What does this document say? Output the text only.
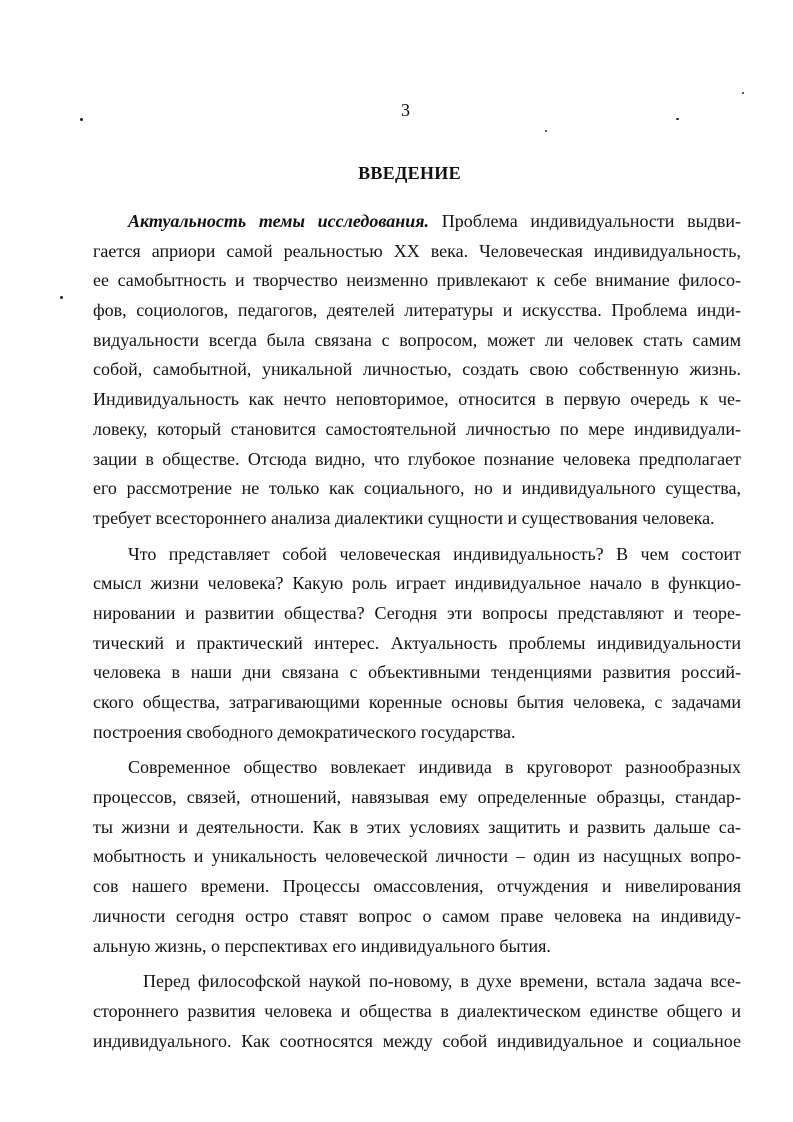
3
ВВЕДЕНИЕ
Актуальность темы исследования. Проблема индивидуальности выдви-
гается априори самой реальностью XX века. Человеческая индивидуальность,
ее самобытность и творчество неизменно привлекают к себе внимание филосо-
фов, социологов, педагогов, деятелей литературы и искусства. Проблема инди-
видуальности всегда была связана с вопросом, может ли человек стать самим
собой, самобытной, уникальной личностью, создать свою собственную жизнь.
Индивидуальность как нечто неповторимое, относится в первую очередь к че-
ловеку, который становится самостоятельной личностью по мере индивидуали-
зации в обществе. Отсюда видно, что глубокое познание человека предполагает
его рассмотрение не только как социального, но и индивидуального существа,
требует всестороннего анализа диалектики сущности и существования человека.
Что представляет собой человеческая индивидуальность? В чем состоит
смысл жизни человека? Какую роль играет индивидуальное начало в функцио-
нировании и развитии общества? Сегодня эти вопросы представляют и теоре-
тический и практический интерес. Актуальность проблемы индивидуальности
человека в наши дни связана с объективными тенденциями развития россий-
ского общества, затрагивающими коренные основы бытия человека, с задачами
построения свободного демократического государства.
Современное общество вовлекает индивида в круговорот разнообразных
процессов, связей, отношений, навязывая ему определенные образцы, стандар-
ты жизни и деятельности. Как в этих условиях защитить и развить дальше са-
мобытность и уникальность человеческой личности – один из насущных вопро-
сов нашего времени. Процессы омассовления, отчуждения и нивелирования
личности сегодня остро ставят вопрос о самом праве человека на индивиду-
альную жизнь, о перспективах его индивидуального бытия.
Перед философской наукой по-новому, в духе времени, встала задача все-
стороннего развития человека и общества в диалектическом единстве общего и
индивидуального. Как соотносятся между собой индивидуальное и социальное
